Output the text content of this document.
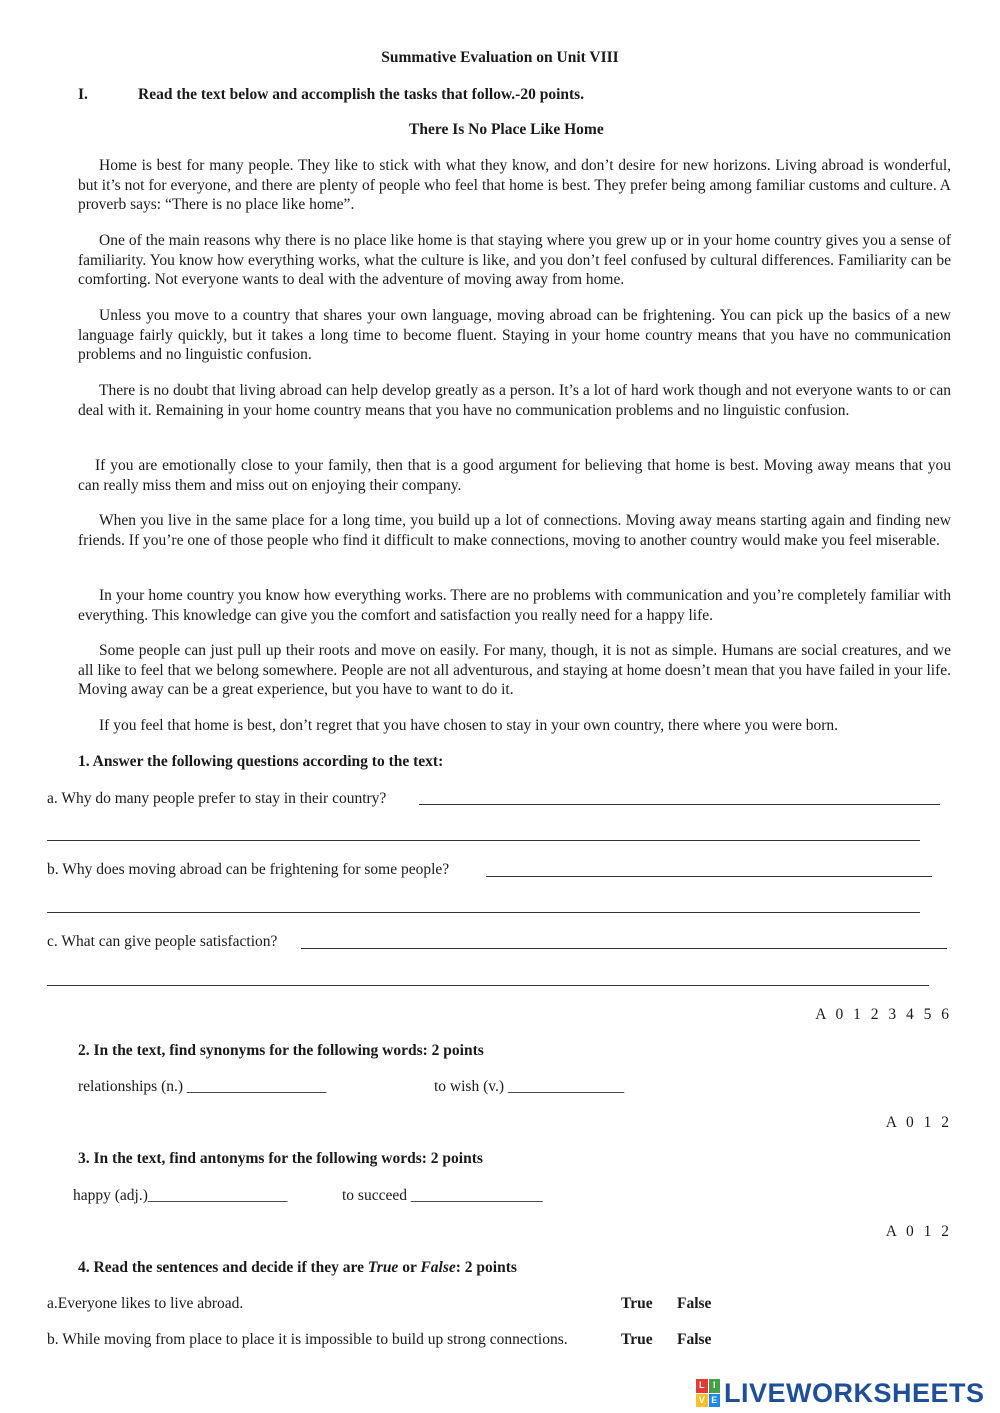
Summative Evaluation on Unit VIII
I.	Read the text below and accomplish the tasks that follow.-20 points.
There Is No Place Like Home
Home is best for many people. They like to stick with what they know, and don’t desire for new horizons. Living abroad is wonderful, but it’s not for everyone, and there are plenty of people who feel that home is best. They prefer being among familiar customs and culture. A proverb says: “There is no place like home”.
One of the main reasons why there is no place like home is that staying where you grew up or in your home country gives you a sense of familiarity. You know how everything works, what the culture is like, and you don’t feel confused by cultural differences. Familiarity can be comforting. Not everyone wants to deal with the adventure of moving away from home.
Unless you move to a country that shares your own language, moving abroad can be frightening. You can pick up the basics of a new language fairly quickly, but it takes a long time to become fluent. Staying in your home country means that you have no communication problems and no linguistic confusion.
There is no doubt that living abroad can help develop greatly as a person. It’s a lot of hard work though and not everyone wants to or can deal with it. Remaining in your home country means that you have no communication problems and no linguistic confusion.
If you are emotionally close to your family, then that is a good argument for believing that home is best. Moving away means that you can really miss them and miss out on enjoying their company.
When you live in the same place for a long time, you build up a lot of connections. Moving away means starting again and finding new friends. If you’re one of those people who find it difficult to make connections, moving to another country would make you feel miserable.
In your home country you know how everything works. There are no problems with communication and you’re completely familiar with everything. This knowledge can give you the comfort and satisfaction you really need for a happy life.
Some people can just pull up their roots and move on easily. For many, though, it is not as simple. Humans are social creatures, and we all like to feel that we belong somewhere. People are not all adventurous, and staying at home doesn’t mean that you have failed in your life. Moving away can be a great experience, but you have to want to do it.
If you feel that home is best, don’t regret that you have chosen to stay in your own country, there where you were born.
1. Answer the following questions according to the text:
a. Why do many people prefer to stay in their country?
b. Why does moving abroad can be frightening for some people?
c. What can give people satisfaction?
A 0 1 2 3 4 5 6
2. In the text, find synonyms for the following words: 2 points
relationships (n.) __________________	to wish (v.) _______________
A 0 1 2
3. In the text, find antonyms for the following words: 2 points
happy (adj.)__________________	to succeed _________________
A 0 1 2
4. Read the sentences and decide if they are True or False: 2 points
a.Everyone likes to live abroad.	True False
b. While moving from place to place it is impossible to build up strong connections.	True False
L I
V E LIVEWORKSHEETS
